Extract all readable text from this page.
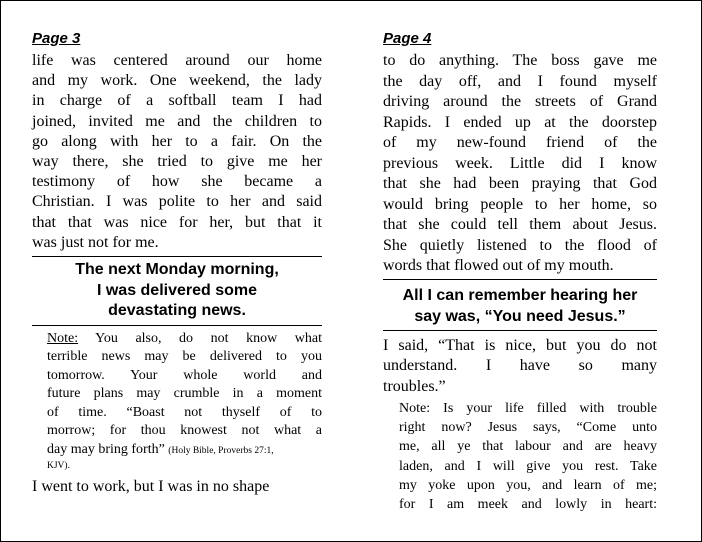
Page 3

life was centered around our home
and my work. One weekend, the lady
in charge of a softball team I had
joined, invited me and the children to
go along with her to a fair. On the
way there, she tried to give me her
testimony of how she became a
Christian. I was polite to her and said
that that was nice for her, but that it
was just not for me.
The next Monday morning,
I was delivered some
devastating news.
Note: You also, do not know what
terrible news may be delivered to you
tomorrow. Your whole world and
future plans may crumble in a moment
of time. “Boast not thyself of to
morrow; for thou knowest not what a
day may bring forth” (Holy Bible, Proverbs 27:1,
KJV).
I went to work, but I was in no shape

Page 4

to do anything. The boss gave me
the day off, and I found myself
driving around the streets of Grand
Rapids. I ended up at the doorstep
of my new-found friend of the
previous week. Little did I know
that she had been praying that God
would bring people to her home, so
that she could tell them about Jesus.
She quietly listened to the flood of
words that flowed out of my mouth.
All I can remember hearing her
say was, “You need Jesus.”
I said, “That is nice, but you do not
understand. I have so many
troubles.”
Note: Is your life filled with trouble
right now? Jesus says, “Come unto
me, all ye that labour and are heavy
laden, and I will give you rest. Take
my yoke upon you, and learn of me;
for I am meek and lowly in heart:
